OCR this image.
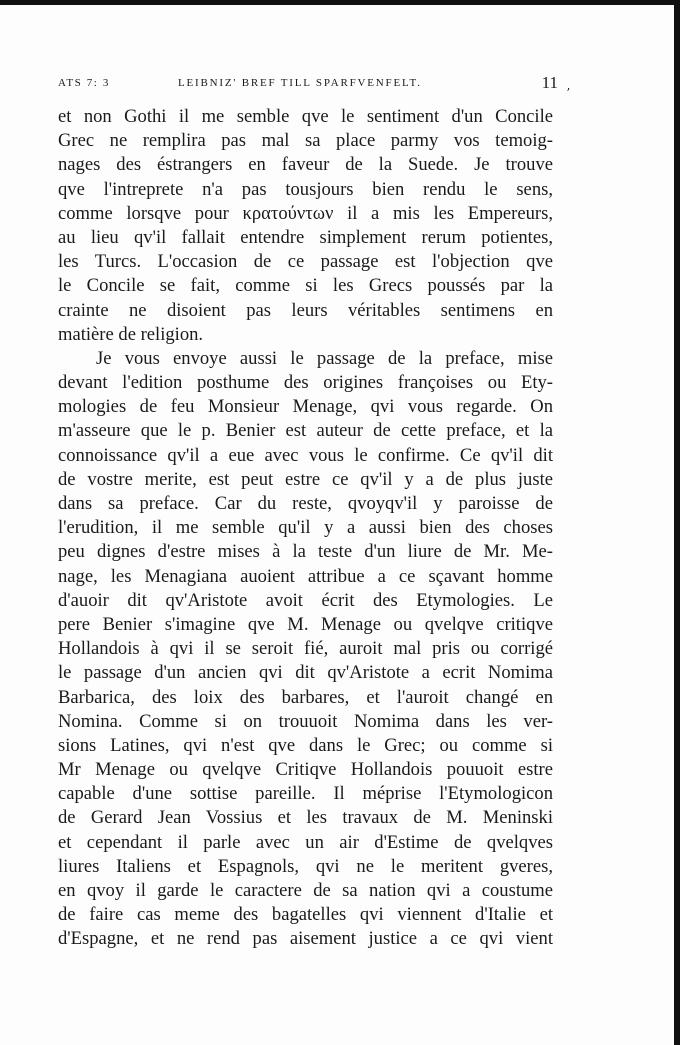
ATS 7: 3	LEIBNIZ' BREF TILL SPARFVENFELT.	11
ʼ
et non Gothi il me semble qve le sentiment d'un Concile
Grec ne remplira pas mal sa place parmy vos temoig-
nages des éstrangers en faveur de la Suede. Je trouve
qve l'intreprete n'a pas tousjours bien rendu le sens,
comme lorsqve pour κρατούντων il a mis les Empereurs,
au lieu qv'il fallait entendre simplement rerum potientes,
les Turcs. L'occasion de ce passage est l'objection qve
le Concile se fait, comme si les Grecs poussés par la
crainte ne disoient pas leurs véritables sentimens en
matière de religion.
Je vous envoye aussi le passage de la preface, mise
devant l'edition posthume des origines françoises ou Ety-
mologies de feu Monsieur Menage, qvi vous regarde. On
m'asseure que le p. Benier est auteur de cette preface, et la
connoissance qv'il a eue avec vous le confirme. Ce qv'il dit
de vostre merite, est peut estre ce qv'il y a de plus juste
dans sa preface. Car du reste, qvoyqv'il y paroisse de
l'erudition, il me semble qu'il y a aussi bien des choses
peu dignes d'estre mises à la teste d'un liure de Mr. Me-
nage, les Menagiana auoient attribue a ce sçavant homme
d'auoir dit qv'Aristote avoit écrit des Etymologies. Le
pere Benier s'imagine qve M. Menage ou qvelqve critiqve
Hollandois à qvi il se seroit fié, auroit mal pris ou corrigé
le passage d'un ancien qvi dit qv'Aristote a ecrit Nomima
Barbarica, des loix des barbares, et l'auroit changé en
Nomina. Comme si on trouuoit Nomima dans les ver-
sions Latines, qvi n'est qve dans le Grec; ou comme si
Mr Menage ou qvelqve Critiqve Hollandois pouuoit estre
capable d'une sottise pareille. Il méprise l'Etymologicon
de Gerard Jean Vossius et les travaux de M. Meninski
et cependant il parle avec un air d'Estime de qvelqves
liures Italiens et Espagnols, qvi ne le meritent gveres,
en qvoy il garde le caractere de sa nation qvi a coustume
de faire cas meme des bagatelles qvi viennent d'Italie et
d'Espagne, et ne rend pas aisement justice a ce qvi vient
